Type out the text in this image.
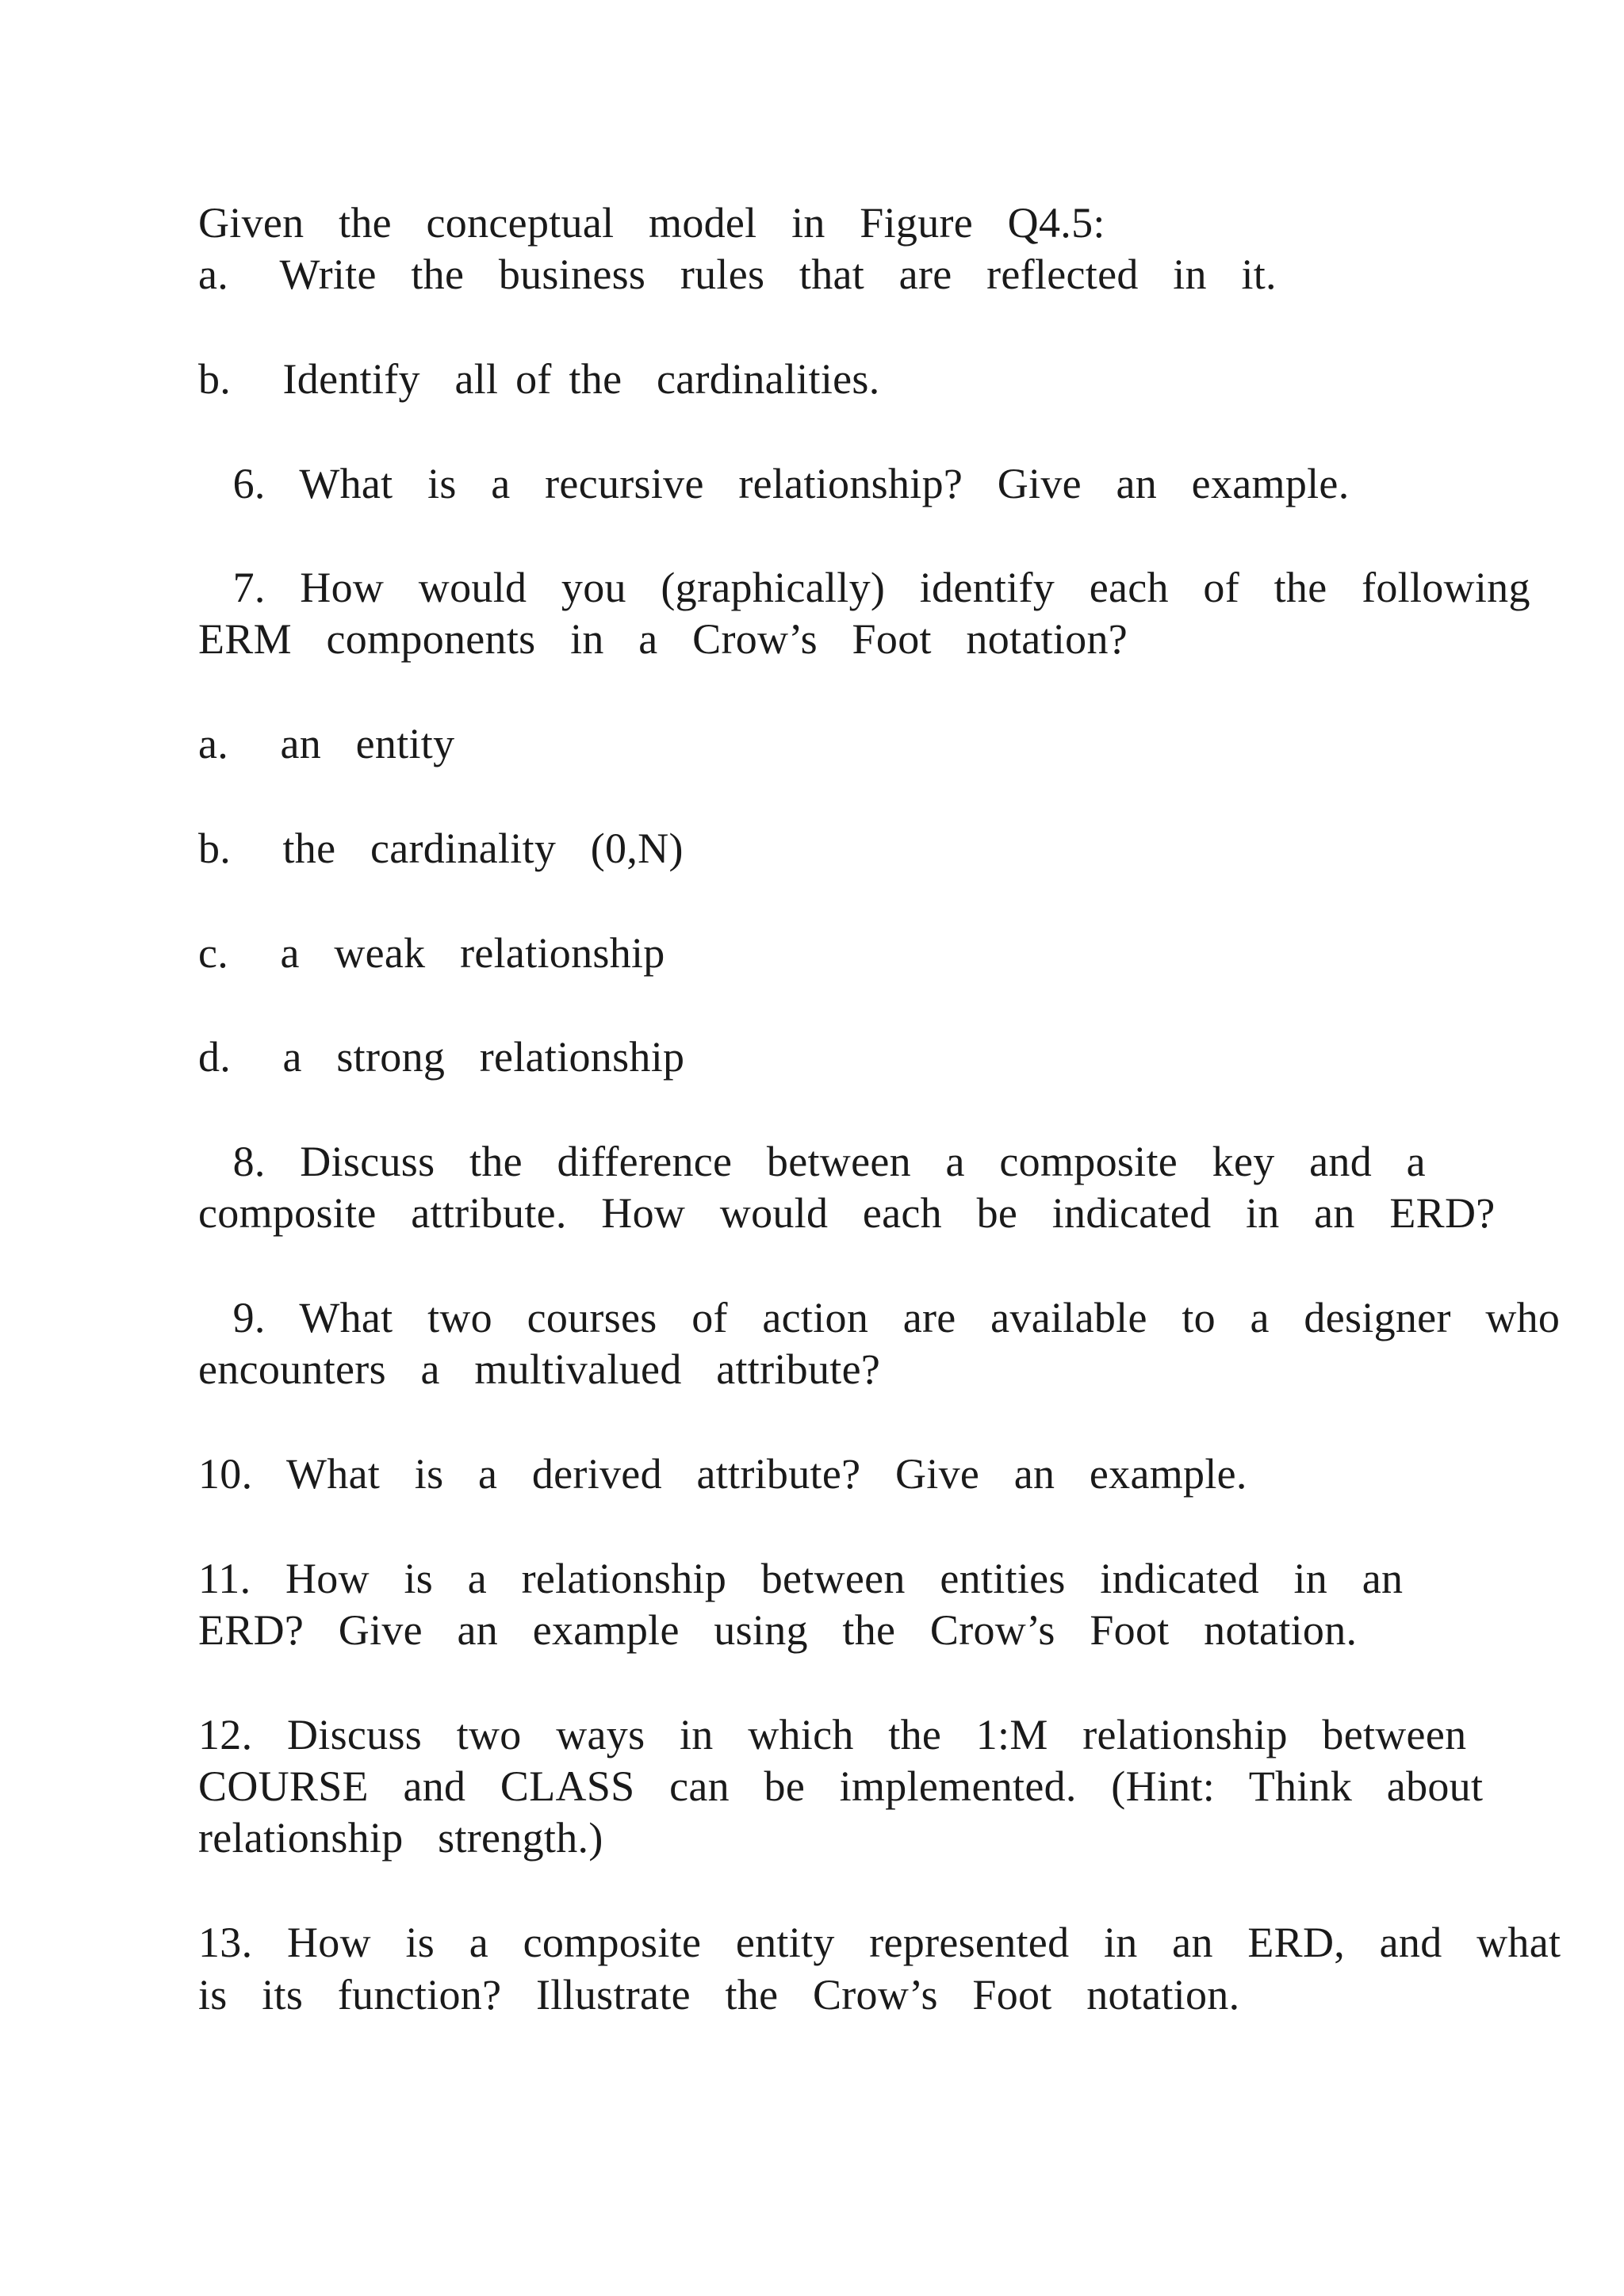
Given  the  conceptual  model  in  Figure  Q4.5:
a.   Write  the  business  rules  that  are  reflected  in  it.
b.   Identify  all of the  cardinalities.
6.  What  is  a  recursive  relationship?  Give  an  example.
7.  How  would  you  (graphically)  identify  each  of  the  following
ERM  components  in  a  Crow’s  Foot  notation?
a.   an  entity
b.   the  cardinality  (0,N)
c.   a  weak  relationship
d.   a  strong  relationship
8.  Discuss  the  difference  between  a  composite  key  and  a
composite  attribute.  How  would  each  be  indicated  in  an  ERD?
9.  What  two  courses  of  action  are  available  to  a  designer  who
encounters  a  multivalued  attribute?
10.  What  is  a  derived  attribute?  Give  an  example.
11.  How  is  a  relationship  between  entities  indicated  in  an
ERD?  Give  an  example  using  the  Crow’s  Foot  notation.
12.  Discuss  two  ways  in  which  the  1:M  relationship  between
COURSE  and  CLASS  can  be  implemented.  (Hint:  Think  about
relationship  strength.)
13.  How  is  a  composite  entity  represented  in  an  ERD,  and  what
is  its  function?  Illustrate  the  Crow’s  Foot  notation.
